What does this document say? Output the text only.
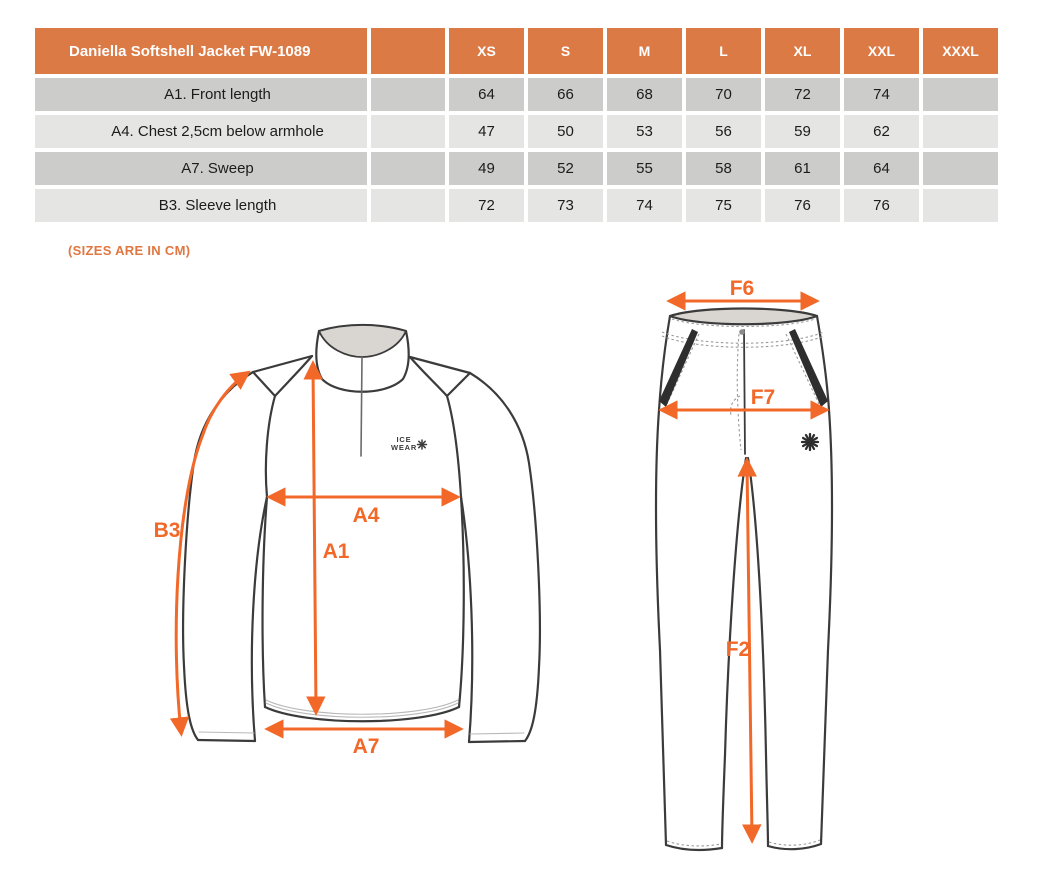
Daniella Softshell Jacket FW-1089		XS	S	M	L	XL	XXL	XXXL
A1. Front length		64	66	68	70	72	74	
A4. Chest 2,5cm below armhole		47	50	53	56	59	62	
A7. Sweep		49	52	55	58	61	64	
B3. Sleeve length		72	73	74	75	76	76	
(SIZES ARE IN CM)
ICE
WEAR
B3
A4
A1
A7
F6
F7
F2
